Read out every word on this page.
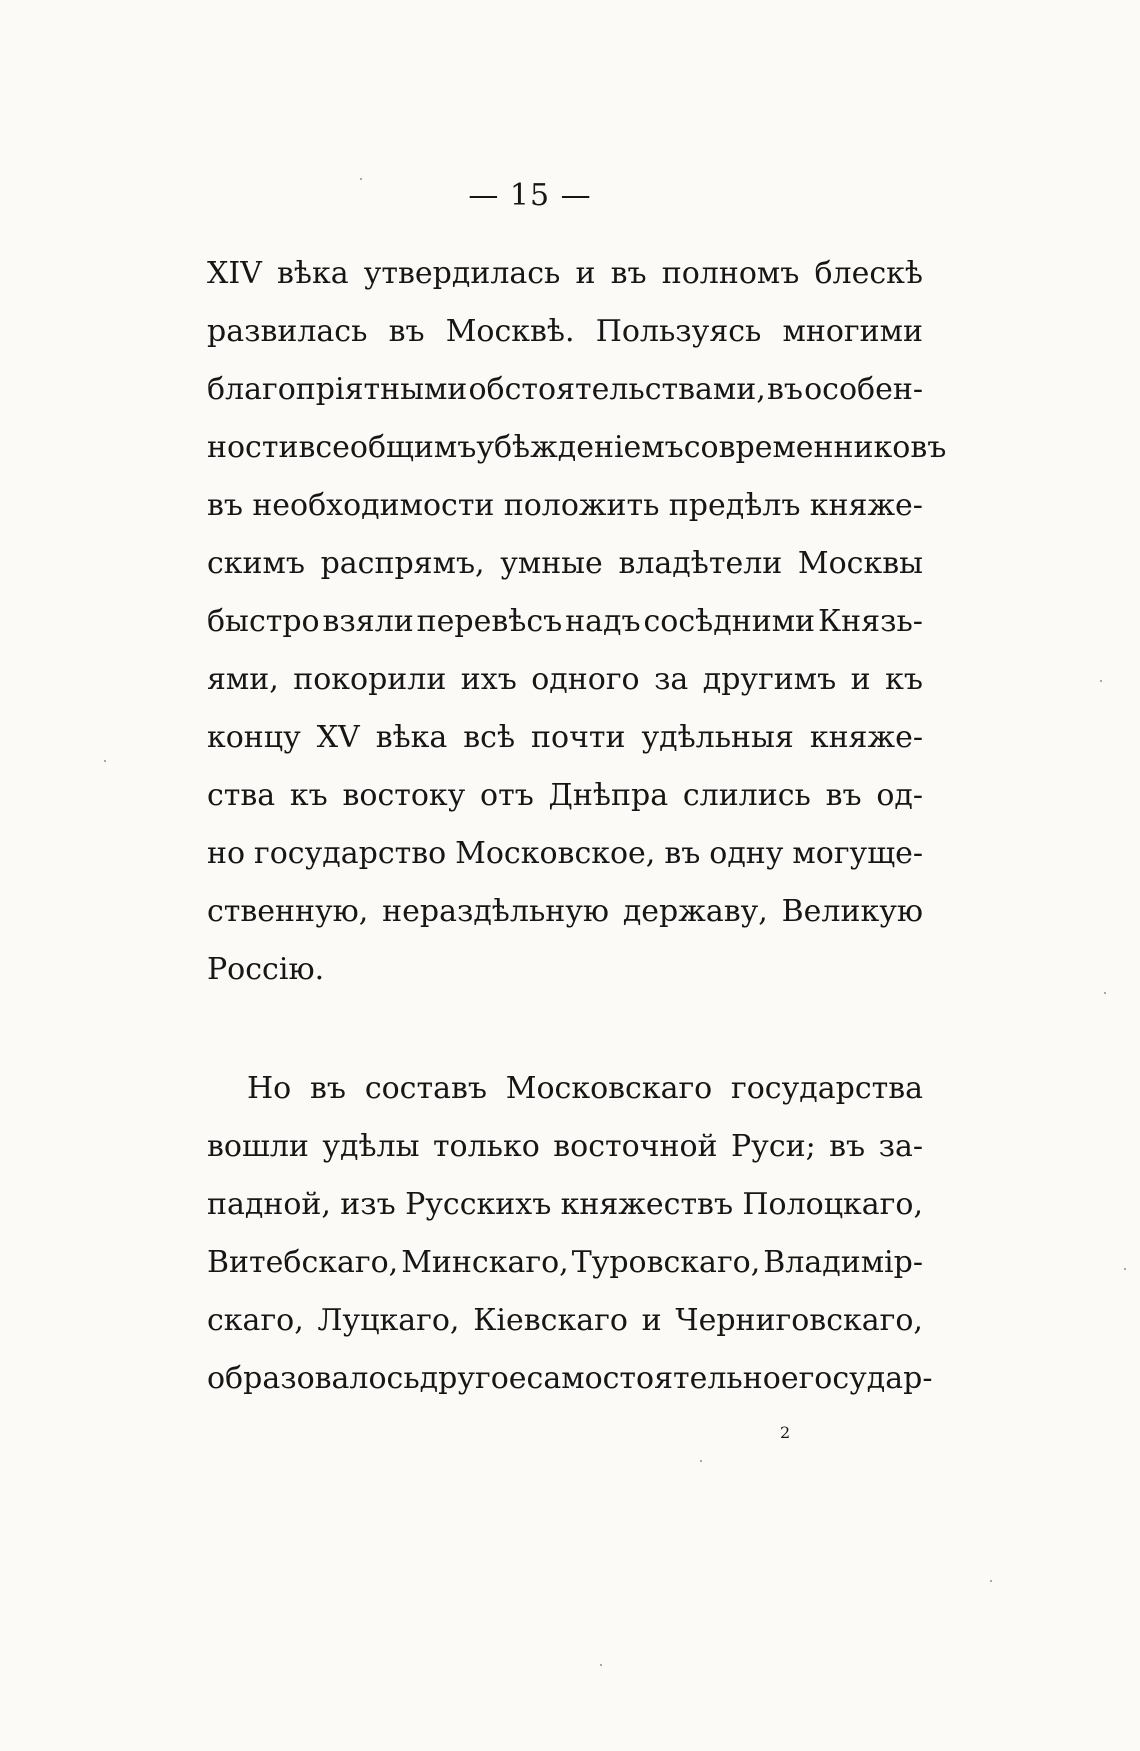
— 15 —
XIV вѣка утвердилась и въ полномъ блескѣ
развилась въ Москвѣ. Пользуясь многими
благопріятными обстоятельствами, въ особен-
ности всеобщимъ убѣжденіемъ современниковъ
въ необходимости положить предѣлъ княже-
скимъ распрямъ, умные владѣтели Москвы
быстро взяли перевѣсъ надъ сосѣдними Князь-
ями, покорили ихъ одного за другимъ и къ
концу XV вѣка всѣ почти удѣльныя княже-
ства къ востоку отъ Днѣпра слились въ од-
но государство Московское, въ одну могуще-
ственную, нераздѣльную державу, Великую
Россію.
Но въ составъ Московскаго государства
вошли удѣлы только восточной Руси; въ за-
падной, изъ Русскихъ княжествъ Полоцкаго,
Витебскаго, Минскаго, Туровскаго, Владимір-
скаго, Луцкаго, Кіевскаго и Черниговскаго,
образовалось другое самостоятельное государ-
2
